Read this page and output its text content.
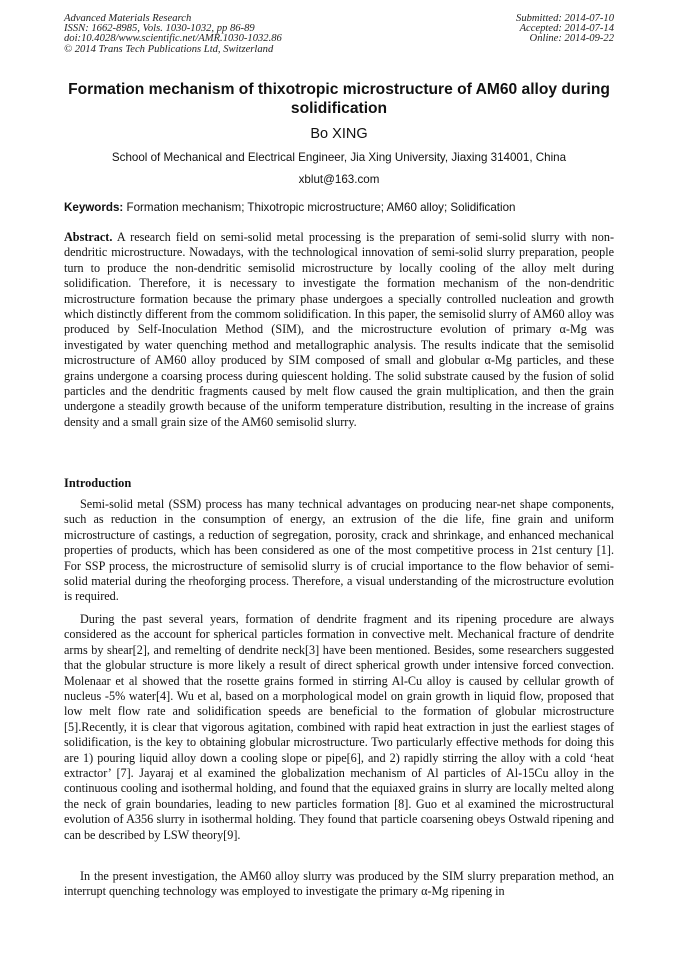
Advanced Materials Research
ISSN: 1662-8985, Vols. 1030-1032, pp 86-89
doi:10.4028/www.scientific.net/AMR.1030-1032.86
© 2014 Trans Tech Publications Ltd, Switzerland
Submitted: 2014-07-10
Accepted: 2014-07-14
Online: 2014-09-22
Formation mechanism of thixotropic microstructure of AM60 alloy during solidification
Bo XING
School of Mechanical and Electrical Engineer, Jia Xing University, Jiaxing 314001, China
xblut@163.com
Keywords: Formation mechanism; Thixotropic microstructure; AM60 alloy; Solidification

Abstract. A research field on semi-solid metal processing is the preparation of semi-solid slurry with non-dendritic microstructure. Nowadays, with the technological innovation of semi-solid slurry preparation, people turn to produce the non-dendritic semisolid microstructure by locally cooling of the alloy melt during solidification. Therefore, it is necessary to investigate the formation mechanism of the non-dendritic microstructure formation because the primary phase undergoes a specially controlled nucleation and growth which distinctly different from the commom solidification. In this paper, the semisolid slurry of AM60 alloy was produced by Self-Inoculation Method (SIM), and the microstructure evolution of primary α-Mg was investigated by water quenching method and metallographic analysis. The results indicate that the semisolid microstructure of AM60 alloy produced by SIM composed of small and globular α-Mg particles, and these grains undergone a coarsing process during quiescent holding. The solid substrate caused by the fusion of solid particles and the dendritic fragments caused by melt flow caused the grain multiplication, and then the grain undergone a steadily growth because of the uniform temperature distribution, resulting in the increase of grains density and a small grain size of the AM60 semisolid slurry.

Introduction

Semi-solid metal (SSM) process has many technical advantages on producing near-net shape components, such as reduction in the consumption of energy, an extrusion of the die life, fine grain and uniform microstructure of castings, a reduction of segregation, porosity, crack and shrinkage, and enhanced mechanical properties of products, which has been considered as one of the most competitive process in 21st century [1]. For SSP process, the microstructure of semisolid slurry is of crucial importance to the flow behavior of semi-solid material during the rheoforging process. Therefore, a visual understanding of the microstructure evolution is required.

During the past several years, formation of dendrite fragment and its ripening procedure are always considered as the account for spherical particles formation in convective melt. Mechanical fracture of dendrite arms by shear[2], and remelting of dendrite neck[3] have been mentioned. Besides, some researchers suggested that the globular structure is more likely a result of direct spherical growth under intensive forced convection. Molenaar et al showed that the rosette grains formed in stirring Al-Cu alloy is caused by cellular growth of nucleus -5% water[4]. Wu et al, based on a morphological model on grain growth in liquid flow, proposed that low melt flow rate and solidification speeds are beneficial to the formation of globular microstructure [5].Recently, it is clear that vigorous agitation, combined with rapid heat extraction in just the earliest stages of solidification, is the key to obtaining globular microstructure. Two particularly effective methods for doing this are 1) pouring liquid alloy down a cooling slope or pipe[6], and 2) rapidly stirring the alloy with a cold ‘heat extractor’ [7]. Jayaraj et al examined the globalization mechanism of Al particles of Al-15Cu alloy in the continuous cooling and isothermal holding, and found that the equiaxed grains in slurry are locally melted along the neck of grain boundaries, leading to new particles formation [8]. Guo et al examined the microstructural evolution of A356 slurry in isothermal holding. They found that particle coarsening obeys Ostwald ripening and can be described by LSW theory[9].

In the present investigation, the AM60 alloy slurry was produced by the SIM slurry preparation method, an interrupt quenching technology was employed to investigate the primary α-Mg ripening in
